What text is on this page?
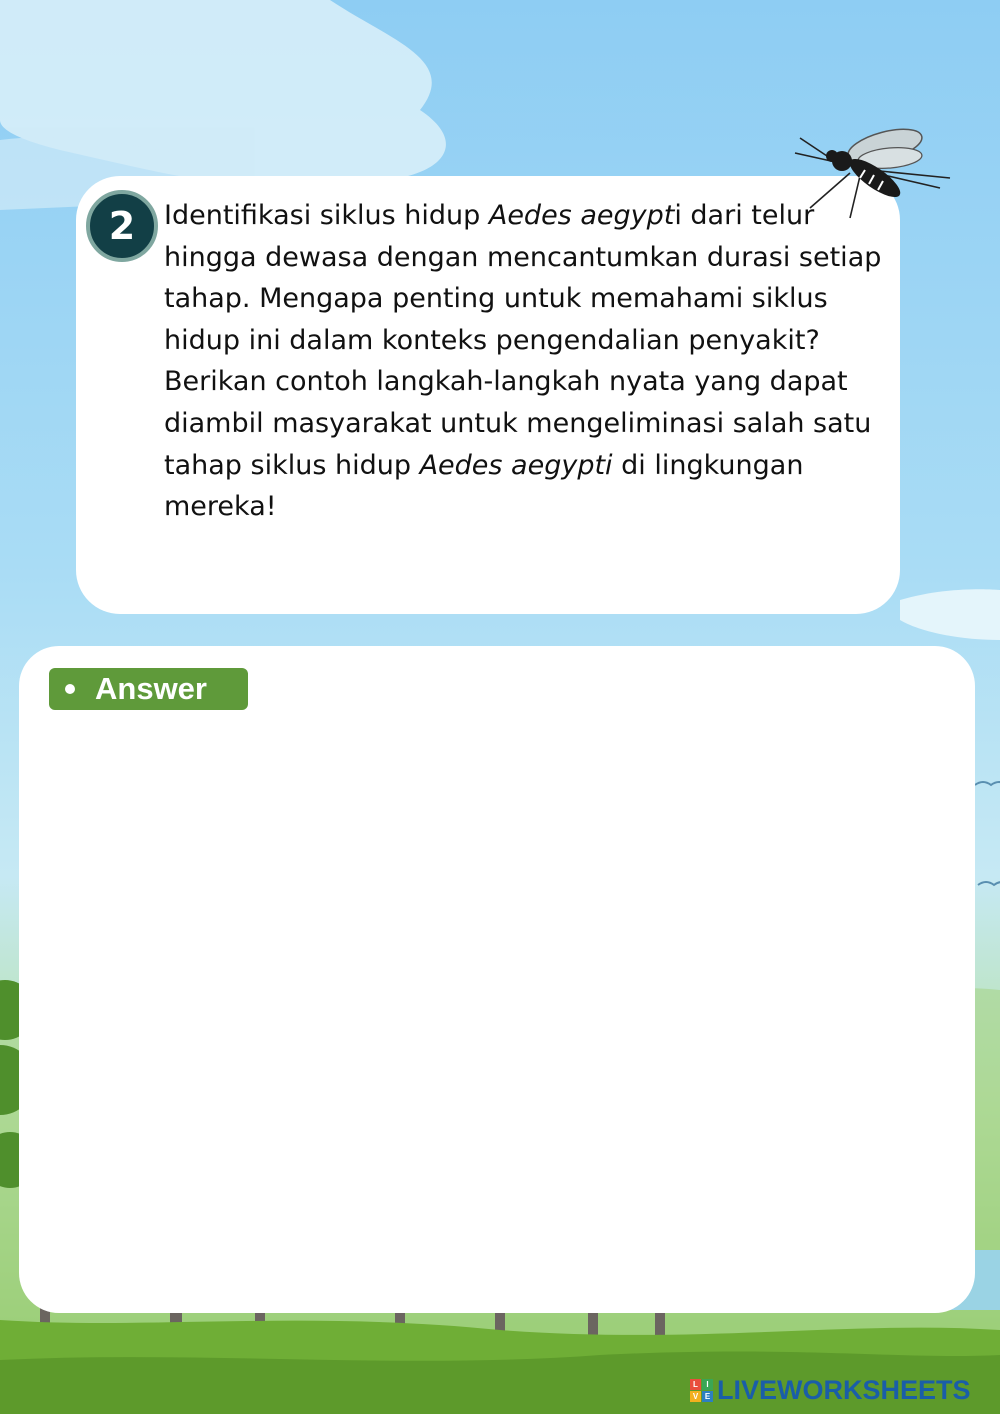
2	Identifikasi siklus hidup Aedes aegypti dari telur hingga dewasa dengan mencantumkan durasi setiap tahap. Mengapa penting untuk memahami siklus hidup ini dalam konteks pengendalian penyakit? Berikan contoh langkah-langkah nyata yang dapat diambil masyarakat untuk mengeliminasi salah satu tahap siklus hidup Aedes aegypti di lingkungan mereka!

Answer
L	I
V E LIVEWORKSHEETS
